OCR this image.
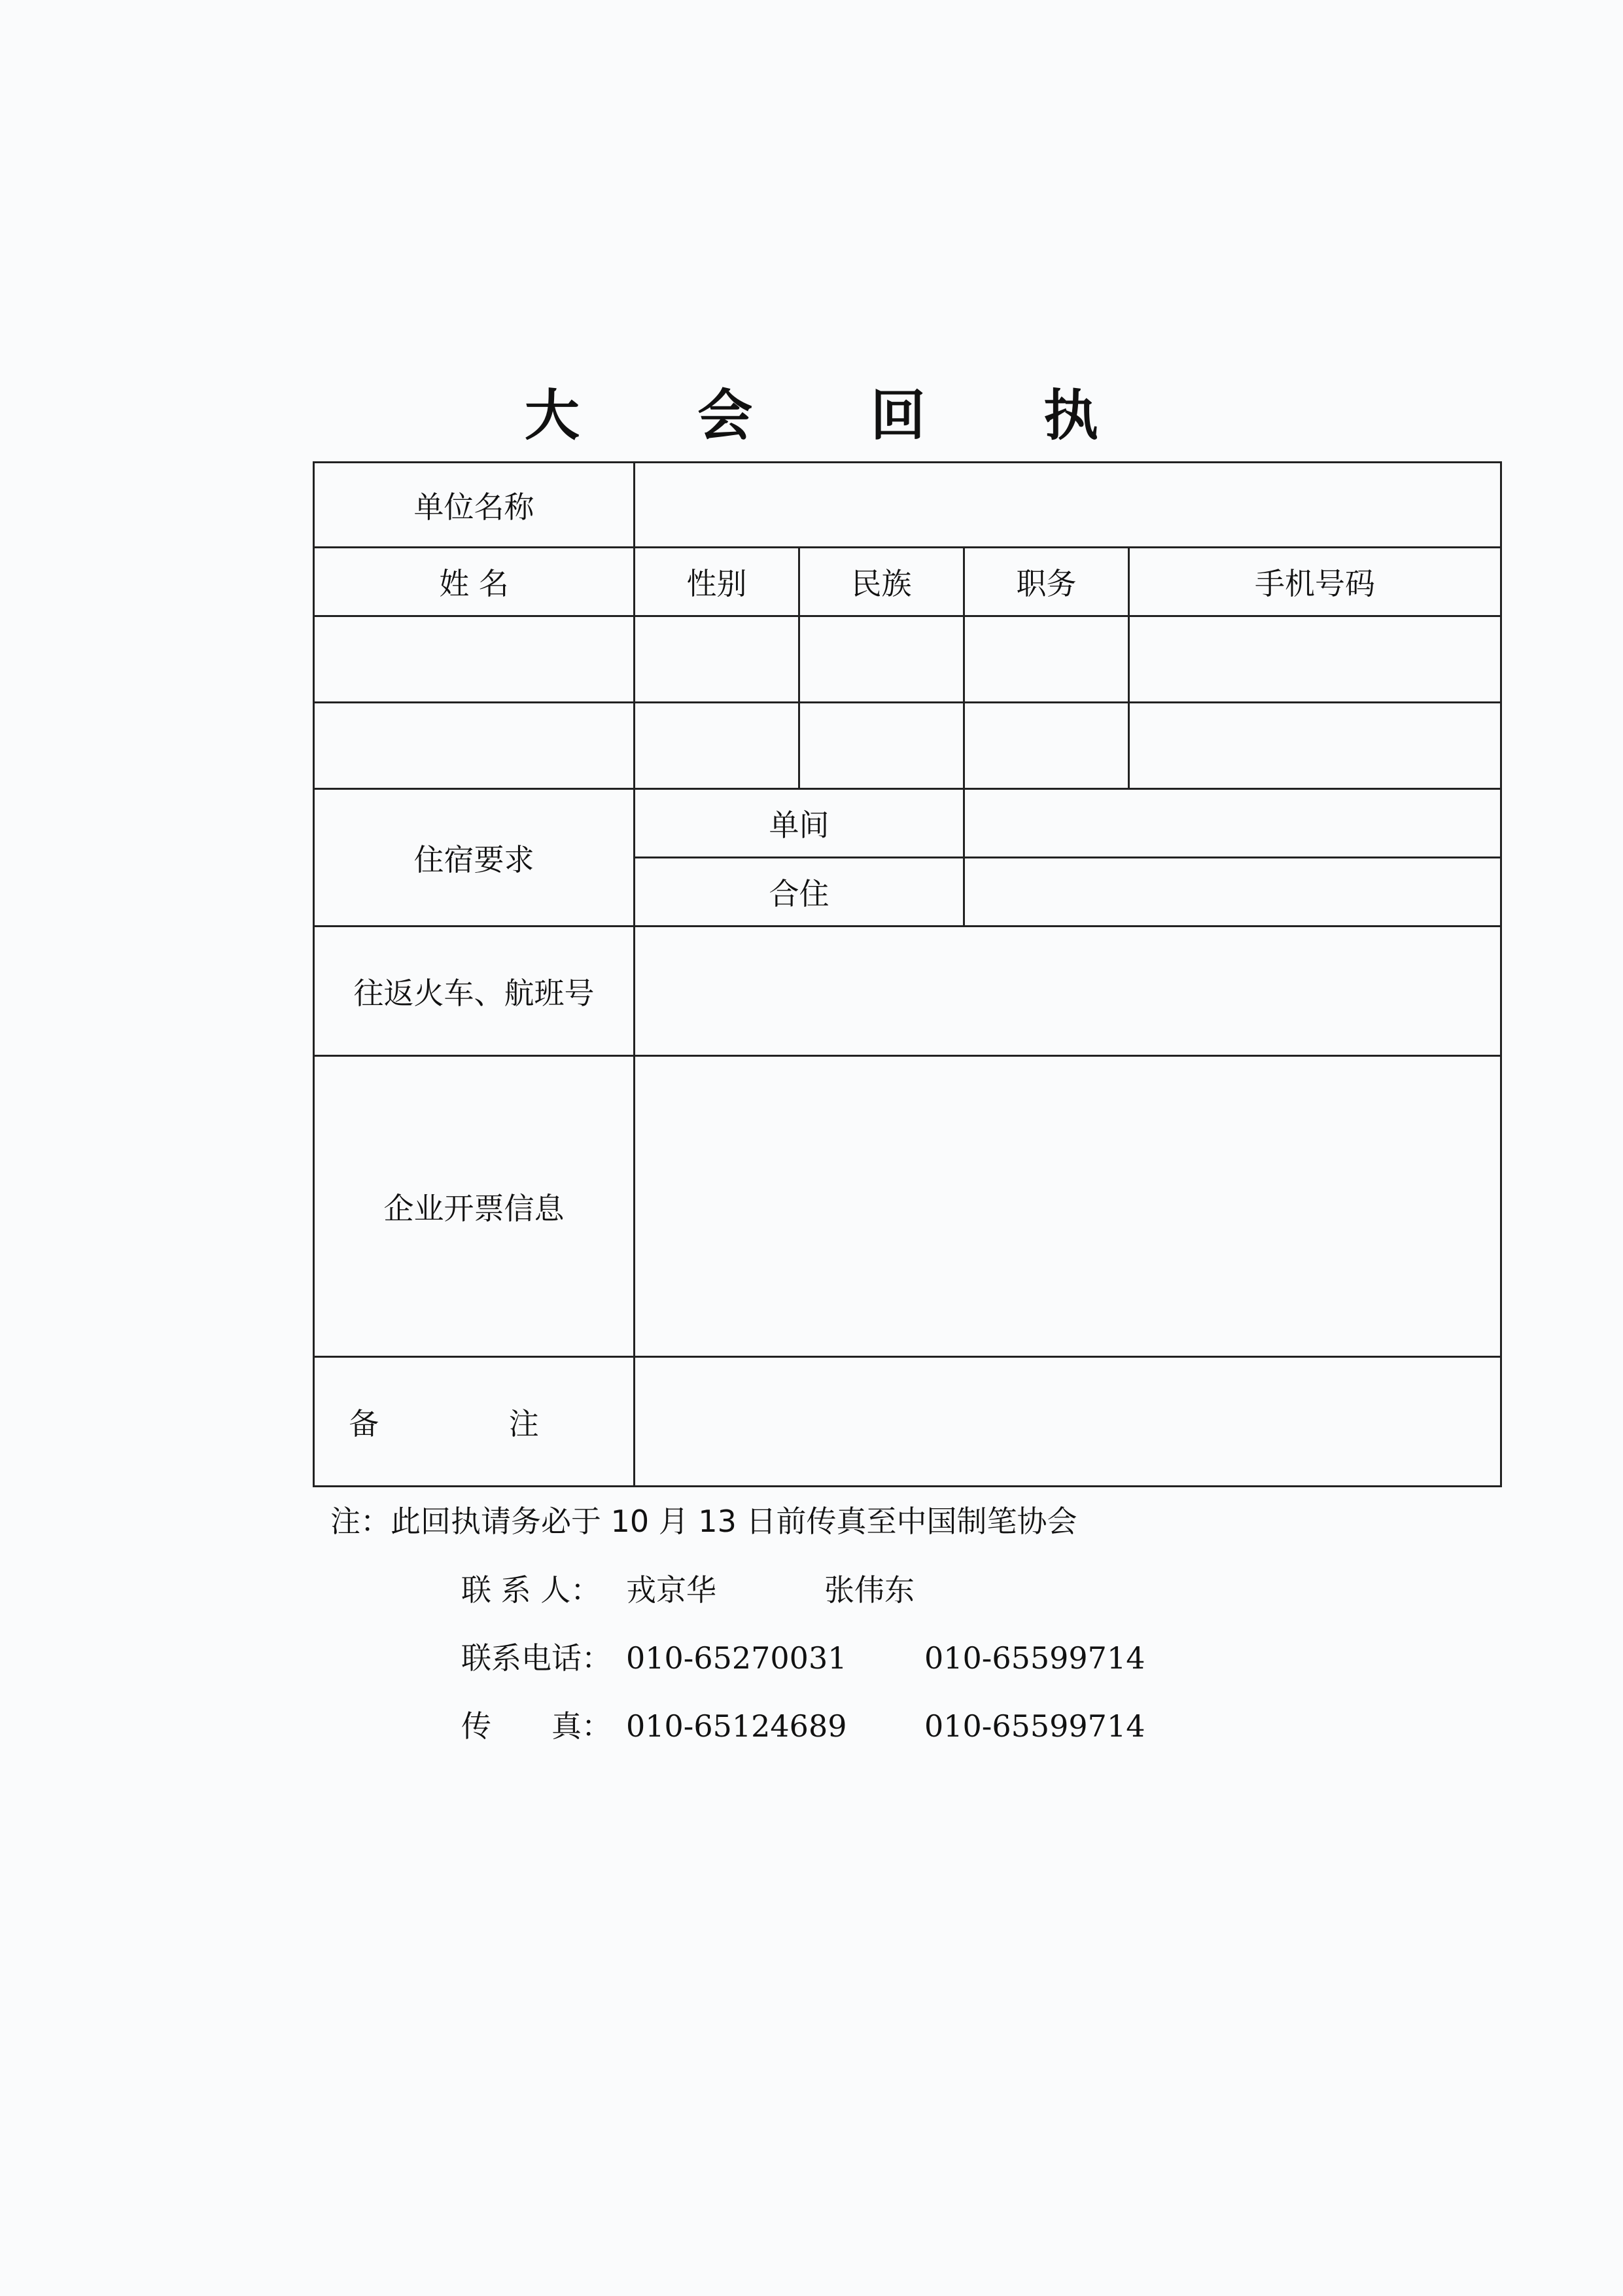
大 会 回 执
单位名称				
姓 名	性别	民族	职务	手机号码

住宿要求	单间			
	合住			
往返火车、航班号				
企业开票信息				
备 注				
注：此回执请务必于 10 月 13 日前传真至中国制笔协会
联 系 人： 戎京华	张伟东
联系电话： 010-65270031	010-65599714
传　　真： 010-65124689	010-65599714
